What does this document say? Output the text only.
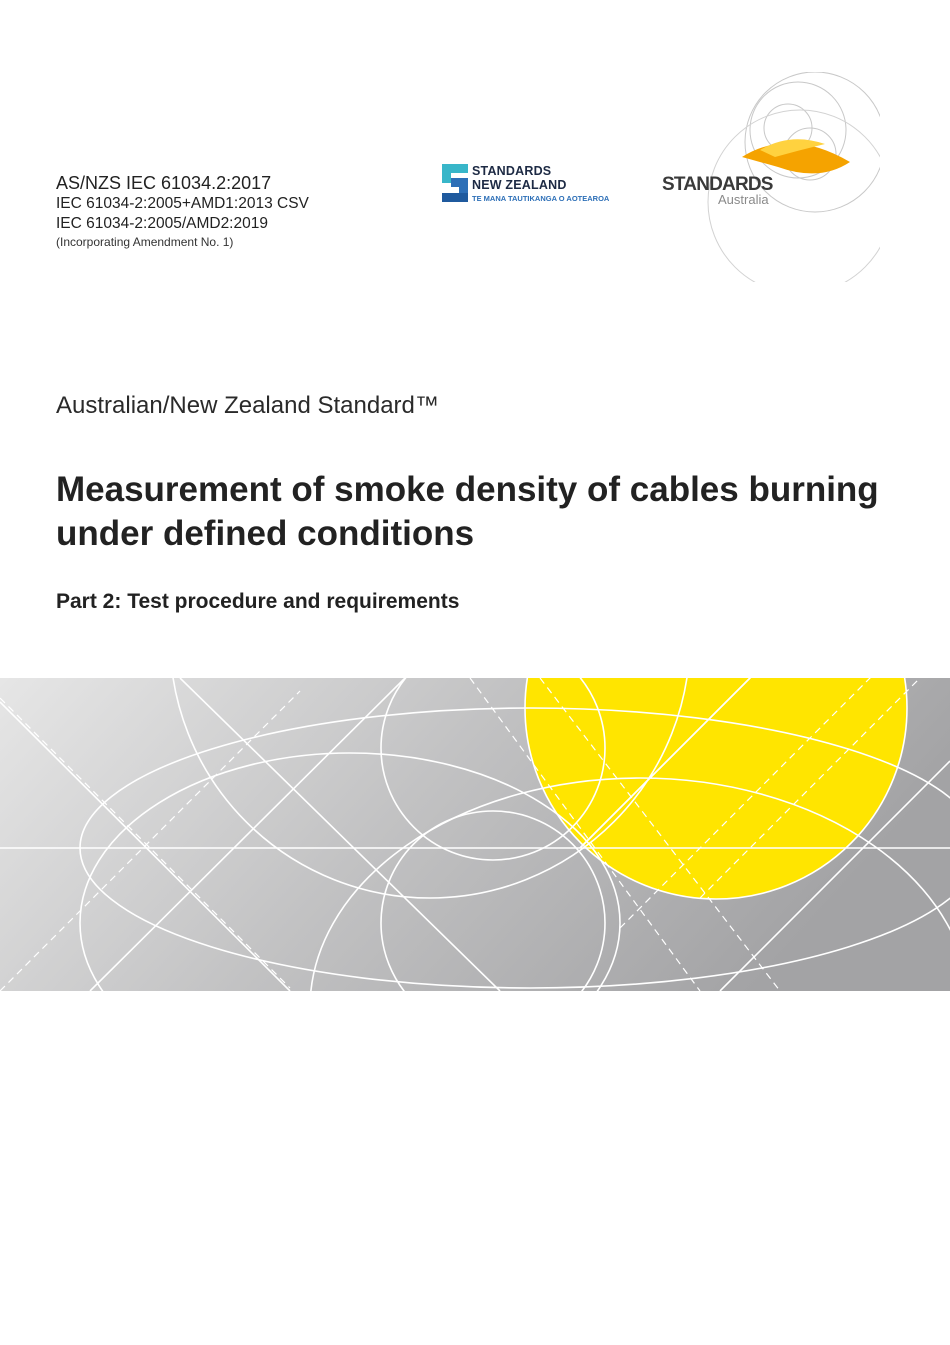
AS/NZS IEC 61034.2:2017
IEC 61034-2:2005+AMD1:2013 CSV
IEC 61034-2:2005/AMD2:2019
(Incorporating Amendment No. 1)
STANDARDS
NEW ZEALAND
TE MANA TAUTIKANGA O AOTEAROA
STANDARDS
Australia
Australian/New Zealand Standard™
Measurement of smoke density of cables burning under defined conditions
Part 2: Test procedure and requirements
